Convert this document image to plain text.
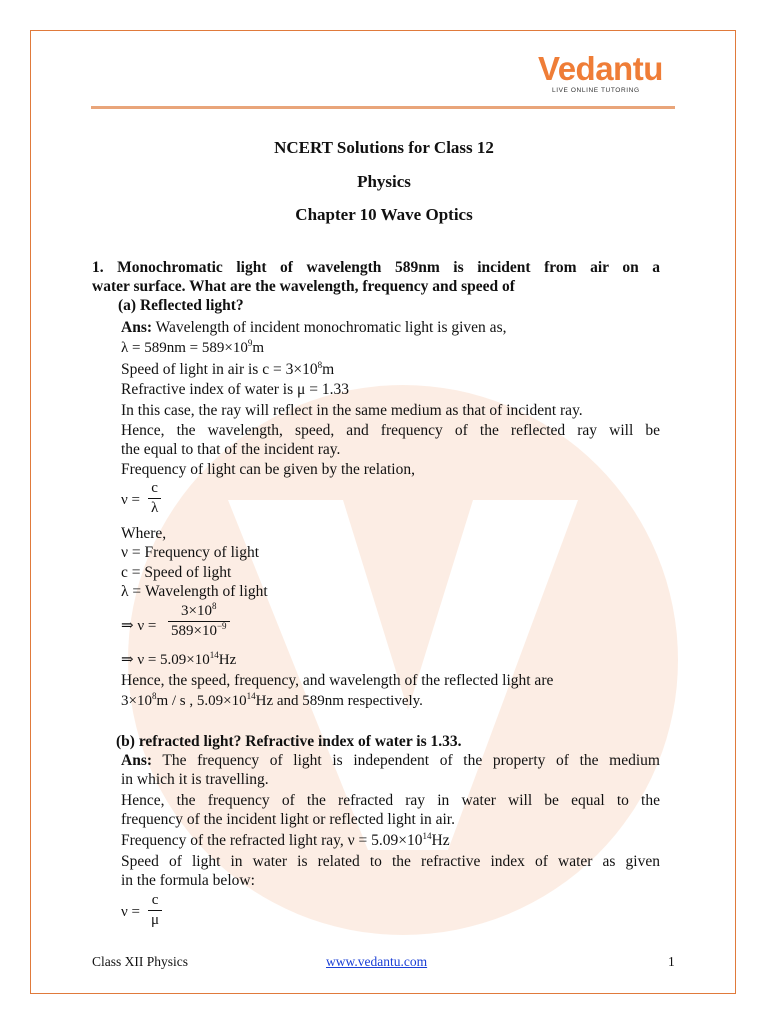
Vedantu
LIVE ONLINE TUTORING
NCERT Solutions for Class 12
Physics
Chapter 10 Wave Optics
1. Monochromatic light of wavelength 589nm is incident from air on a
water surface. What are the wavelength, frequency and speed of
(a) Reflected light?
Ans: Wavelength of incident monochromatic light is given as,
$\lambda = 589nm = 589\times 10^9m$
Speed of light in air is $c = 3\times 10^8m$
Refractive index of water is μ = 1.33
In this case, the ray will reflect in the same medium as that of incident ray.
Hence, the wavelength, speed, and frequency of the reflected ray will be
the equal to that of the incident ray.
Frequency of light can be given by the relation,
$\nu = \frac{c}{\lambda}$
Where,
ν = Frequency of light
c = Speed of light
λ = Wavelength of light
⇒ $\nu = \frac{3\times 10^8}{589\times 10^{-9}}$
⇒ $\nu = 5.09\times 10^{14}Hz$
Hence, the speed, frequency, and wavelength of the reflected light are
$3\times 10^8m / s$ , $5.09\times 10^{14}Hz$ and 589nm respectively.
(b) refracted light? Refractive index of water is 1.33.
Ans: The frequency of light is independent of the property of the medium
in which it is travelling.
Hence, the frequency of the refracted ray in water will be equal to the
frequency of the incident light or reflected light in air.
Frequency of the refracted light ray, $\nu = 5.09\times 10^{14}Hz$
Speed of light in water is related to the refractive index of water as given
in the formula below:
$\nu = \frac{c}{\mu}$
Class XII Physics	www.vedantu.com	1
